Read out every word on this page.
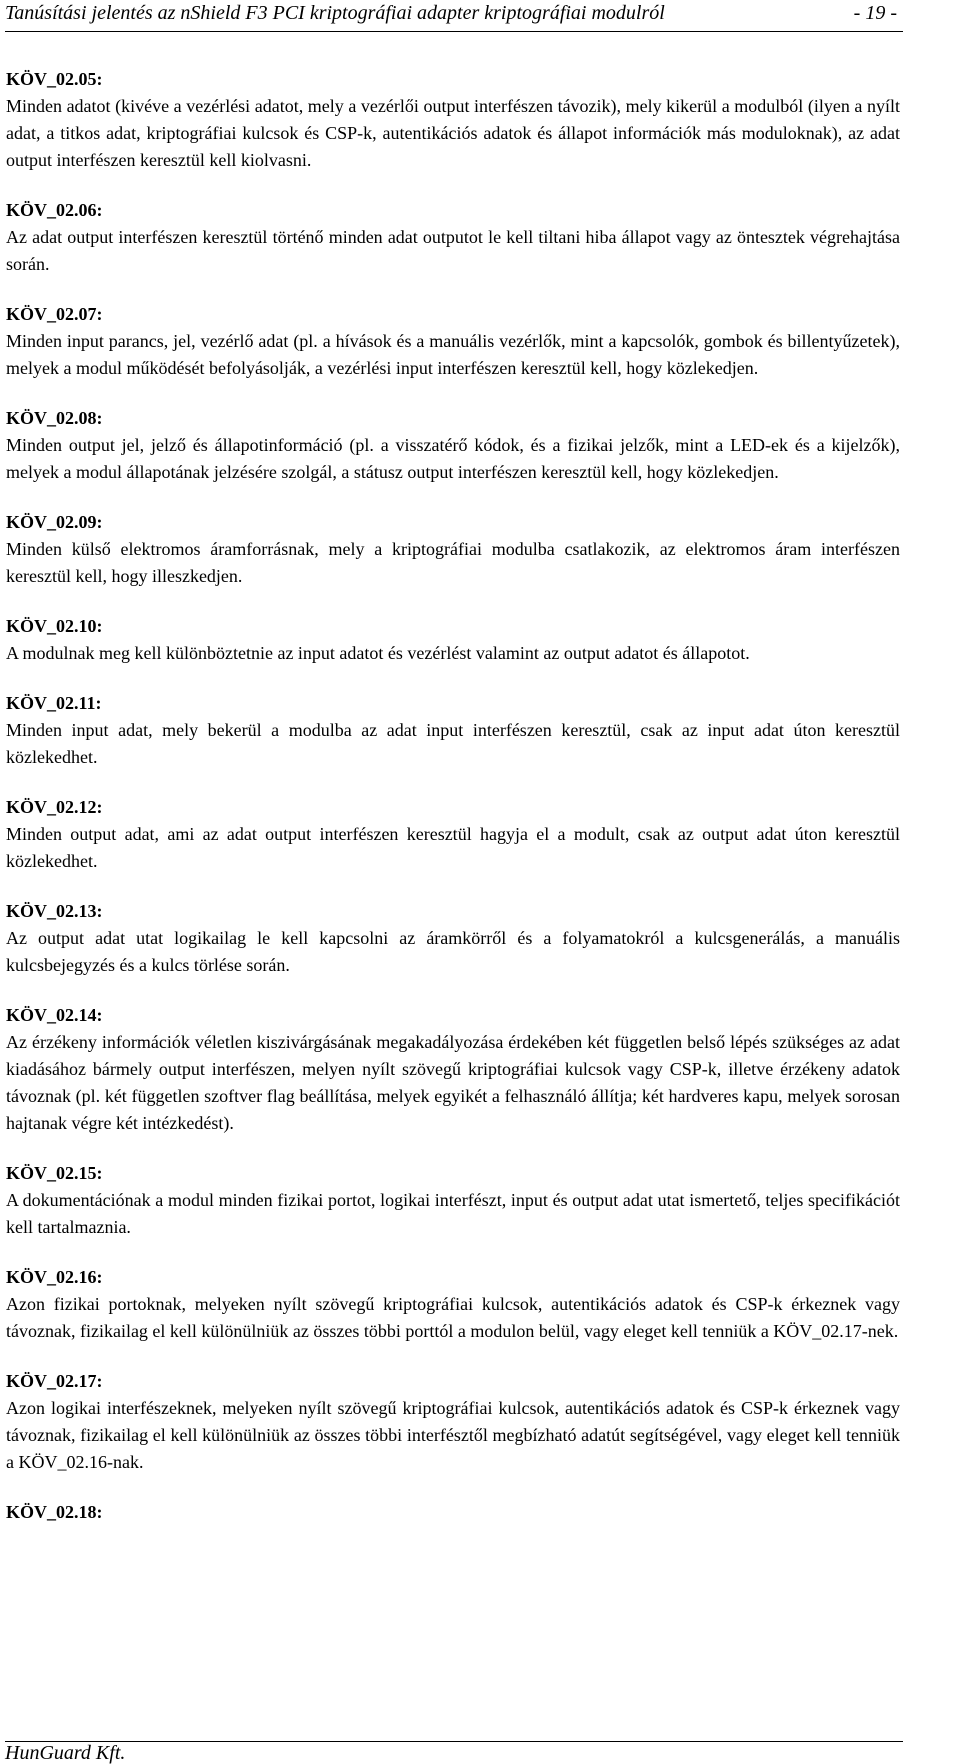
Tanúsítási jelentés az nShield F3 PCI kriptográfiai adapter kriptográfiai modulról	- 19 -
KÖV_02.05:

Minden adatot (kivéve a vezérlési adatot, mely a vezérlői output interfészen távozik), mely kikerül a modulból (ilyen a nyílt adat, a titkos adat, kriptográfiai kulcsok és CSP-k, autentikációs adatok és állapot információk más moduloknak), az adat output interfészen keresztül kell kiolvasni.

KÖV_02.06:

Az adat output interfészen keresztül történő minden adat outputot le kell tiltani hiba állapot vagy az öntesztek végrehajtása során.

KÖV_02.07:

Minden input parancs, jel, vezérlő adat (pl. a hívások és a manuális vezérlők, mint a kapcsolók, gombok és billentyűzetek), melyek a modul működését befolyásolják, a vezérlési input interfészen keresztül kell, hogy közlekedjen.

KÖV_02.08:

Minden output jel, jelző és állapotinformáció (pl. a visszatérő kódok, és a fizikai jelzők, mint a LED-ek és a kijelzők), melyek a modul állapotának jelzésére szolgál, a státusz output interfészen keresztül kell, hogy közlekedjen.

KÖV_02.09:

Minden külső elektromos áramforrásnak, mely a kriptográfiai modulba csatlakozik, az elektromos áram interfészen keresztül kell, hogy illeszkedjen.

KÖV_02.10:

A modulnak meg kell különböztetnie az input adatot és vezérlést valamint az output adatot és állapotot.

KÖV_02.11:

Minden input adat, mely bekerül a modulba az adat input interfészen keresztül, csak az input adat úton keresztül közlekedhet.

KÖV_02.12:

Minden output adat, ami az adat output interfészen keresztül hagyja el a modult, csak az output adat úton keresztül közlekedhet.

KÖV_02.13:

Az output adat utat logikailag le kell kapcsolni az áramkörről és a folyamatokról a kulcsgenerálás, a manuális kulcsbejegyzés és a kulcs törlése során.

KÖV_02.14:

Az érzékeny információk véletlen kiszivárgásának megakadályozása érdekében két független belső lépés szükséges az adat kiadásához bármely output interfészen, melyen nyílt szövegű kriptográfiai kulcsok vagy CSP-k, illetve érzékeny adatok távoznak (pl. két független szoftver flag beállítása, melyek egyikét a felhasználó állítja; két hardveres kapu, melyek sorosan hajtanak végre két intézkedést).

KÖV_02.15:

A dokumentációnak a modul minden fizikai portot, logikai interfészt, input és output adat utat ismertető, teljes specifikációt kell tartalmaznia.

KÖV_02.16:

Azon fizikai portoknak, melyeken nyílt szövegű kriptográfiai kulcsok, autentikációs adatok és CSP-k érkeznek vagy távoznak, fizikailag el kell különülniük az összes többi porttól a modulon belül, vagy eleget kell tenniük a KÖV_02.17-nek.

KÖV_02.17:

Azon logikai interfészeknek, melyeken nyílt szövegű kriptográfiai kulcsok, autentikációs adatok és CSP-k érkeznek vagy távoznak, fizikailag el kell különülniük az összes többi interfésztől megbízható adatút segítségével, vagy eleget kell tenniük a KÖV_02.16-nak.

KÖV_02.18:

HunGuard Kft.
